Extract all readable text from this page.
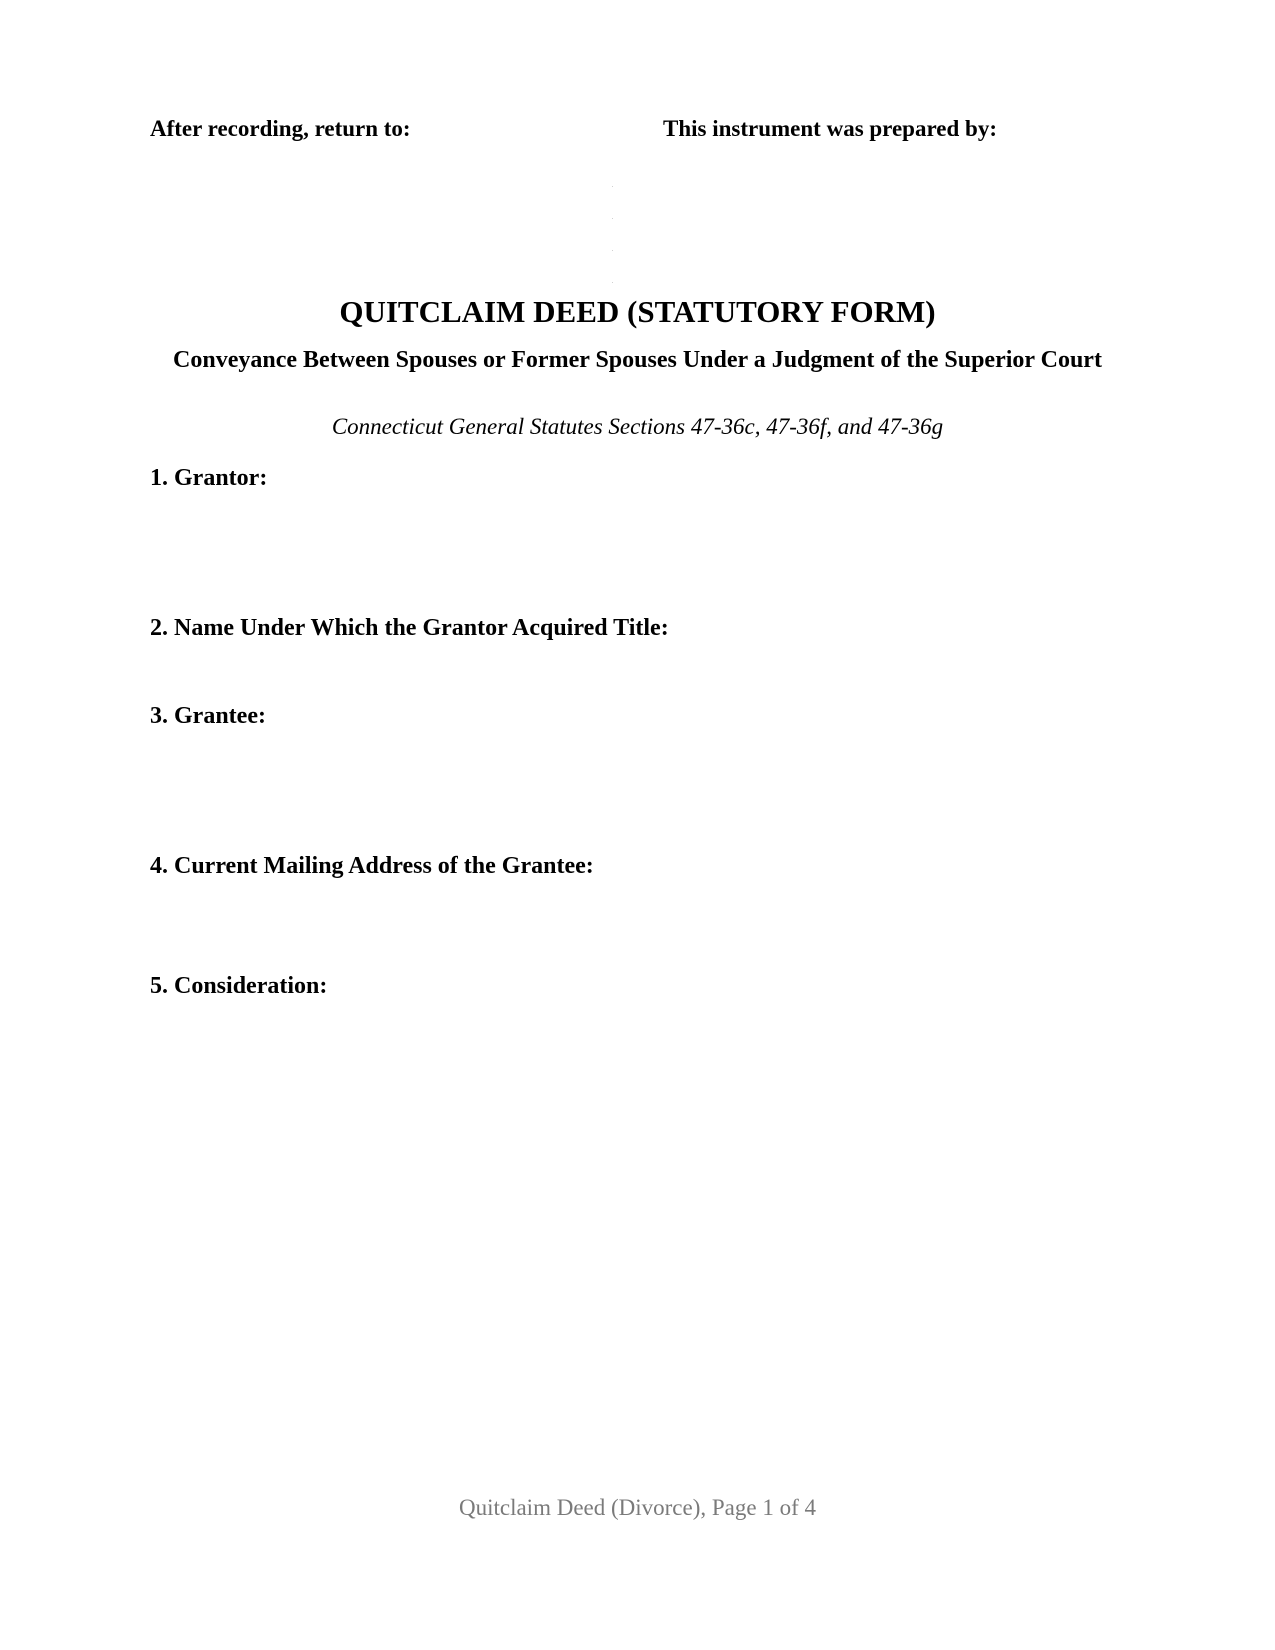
After recording, return to:	This instrument was prepared by:
QUITCLAIM DEED (STATUTORY FORM)
Conveyance Between Spouses or Former Spouses Under a Judgment of the Superior Court
Connecticut General Statutes Sections 47-36c, 47-36f, and 47-36g
1. Grantor:
2. Name Under Which the Grantor Acquired Title:
3. Grantee:
4. Current Mailing Address of the Grantee:
5. Consideration:
Quitclaim Deed (Divorce), Page 1 of 4
